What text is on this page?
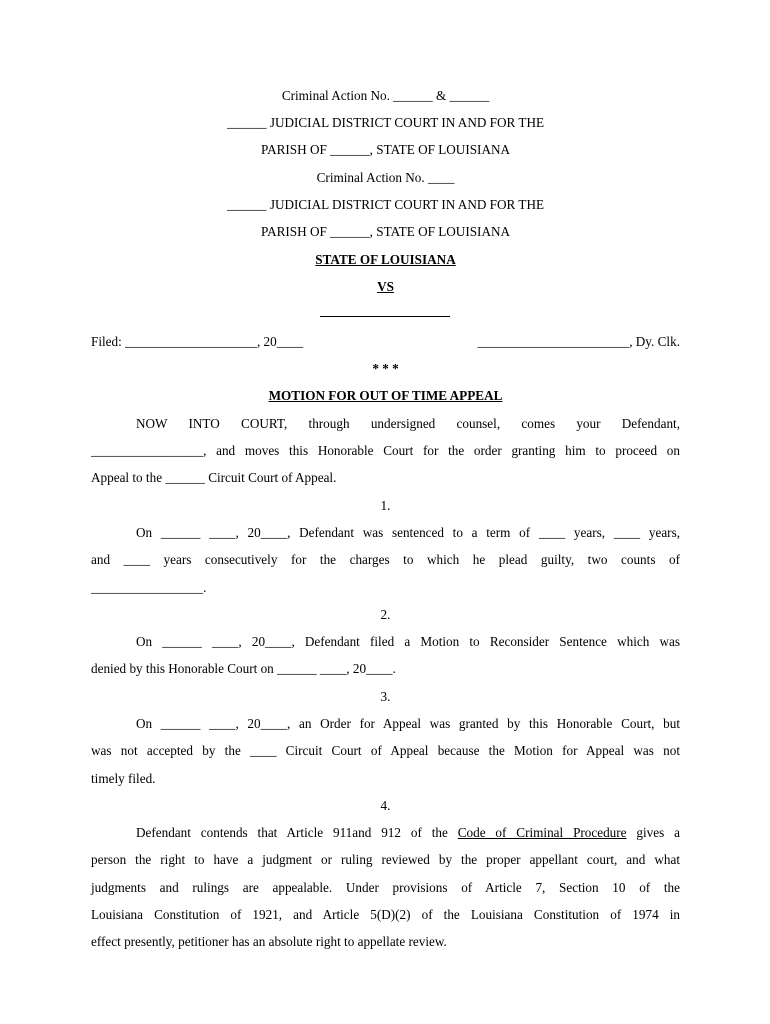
Criminal Action No. ______ & ______
______ JUDICIAL DISTRICT COURT IN AND FOR THE
PARISH OF ______, STATE OF LOUISIANA
Criminal Action No. ____
______ JUDICIAL DISTRICT COURT IN AND FOR THE
PARISH OF ______, STATE OF LOUISIANA
STATE OF LOUISIANA
VS
Filed: ____________________, 20____	_______________________, Dy. Clk.
* * *
MOTION FOR OUT OF TIME APPEAL
NOW INTO COURT, through undersigned counsel, comes your Defendant,
_________________, and moves this Honorable Court for the order granting him to proceed on
Appeal to the ______ Circuit Court of Appeal.
1.
On ______ ____, 20____, Defendant was sentenced to a term of ____ years, ____ years,
and ____ years consecutively for the charges to which he plead guilty, two counts of
_________________.
2.
On ______ ____, 20____, Defendant filed a Motion to Reconsider Sentence which was
denied by this Honorable Court on ______ ____, 20____.
3.
On ______ ____, 20____, an Order for Appeal was granted by this Honorable Court, but
was not accepted by the ____ Circuit Court of Appeal because the Motion for Appeal was not
timely filed.
4.
Defendant contends that Article 911and 912 of the Code of Criminal Procedure gives a
person the right to have a judgment or ruling reviewed by the proper appellant court, and what
judgments and rulings are appealable. Under provisions of Article 7, Section 10 of the
Louisiana Constitution of 1921, and Article 5(D)(2) of the Louisiana Constitution of 1974 in
effect presently, petitioner has an absolute right to appellate review.
